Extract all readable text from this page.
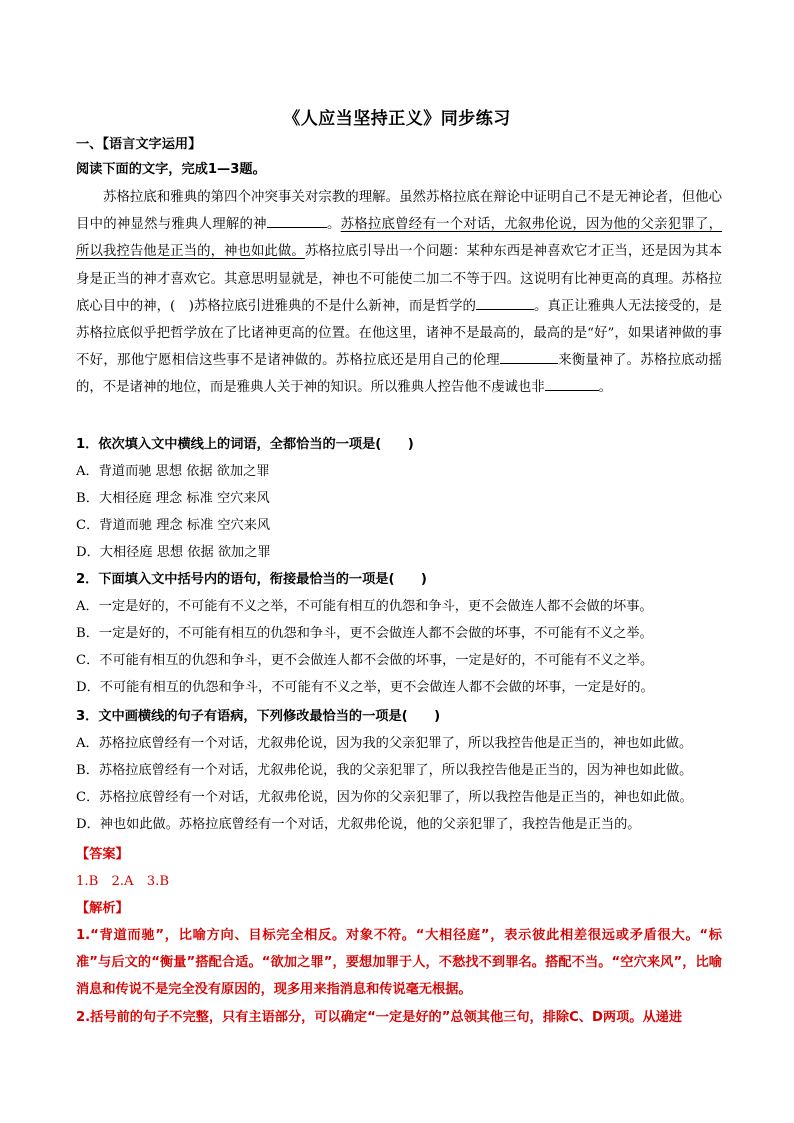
《人应当坚持正义》同步练习
一、【语言文字运用】
阅读下面的文字，完成1—3题。
苏格拉底和雅典的第四个冲突事关对宗教的理解。虽然苏格拉底在辩论中证明自己不是无神论者，但他心目中的神显然与雅典人理解的神	。苏格拉底曾经有一个对话，尤叙弗伦说，因为他的父亲犯罪了，所以我控告他是正当的，神也如此做。苏格拉底引导出一个问题：某种东西是神喜欢它才正当，还是因为其本身是正当的神才喜欢它。其意思明显就是，神也不可能使二加二不等于四。这说明有比神更高的真理。苏格拉底心目中的神，(　)苏格拉底引进雅典的不是什么新神，而是哲学的	。真正让雅典人无法接受的，是苏格拉底似乎把哲学放在了比诸神更高的位置。在他这里，诸神不是最高的，最高的是“好”，如果诸神做的事不好，那他宁愿相信这些事不是诸神做的。苏格拉底还是用自己的伦理	来衡量神了。苏格拉底动摇的，不是诸神的地位，而是雅典人关于神的知识。所以雅典人控告他不虔诚也非	。
1．依次填入文中横线上的词语，全都恰当的一项是(　　)
A．背道而驰 思想 依据 欲加之罪
B．大相径庭 理念 标准 空穴来风
C．背道而驰 理念 标准 空穴来风
D．大相径庭 思想 依据 欲加之罪
2．下面填入文中括号内的语句，衔接最恰当的一项是(　　)
A．一定是好的，不可能有不义之举，不可能有相互的仇怨和争斗，更不会做连人都不会做的坏事。
B．一定是好的，不可能有相互的仇怨和争斗，更不会做连人都不会做的坏事，不可能有不义之举。
C．不可能有相互的仇怨和争斗，更不会做连人都不会做的坏事，一定是好的，不可能有不义之举。
D．不可能有相互的仇怨和争斗，不可能有不义之举，更不会做连人都不会做的坏事，一定是好的。
3．文中画横线的句子有语病，下列修改最恰当的一项是(　　)
A．苏格拉底曾经有一个对话，尤叙弗伦说，因为我的父亲犯罪了，所以我控告他是正当的，神也如此做。
B．苏格拉底曾经有一个对话，尤叙弗伦说，我的父亲犯罪了，所以我控告他是正当的，因为神也如此做。
C．苏格拉底曾经有一个对话，尤叙弗伦说，因为你的父亲犯罪了，所以我控告他是正当的，神也如此做。
D．神也如此做。苏格拉底曾经有一个对话，尤叙弗伦说，他的父亲犯罪了，我控告他是正当的。
【答案】
1.B　2.A　3.B
【解析】
1.“背道而驰”，比喻方向、目标完全相反。对象不符。“大相径庭”，表示彼此相差很远或矛盾很大。“标准”与后文的“衡量”搭配合适。“欲加之罪”，要想加罪于人，不愁找不到罪名。搭配不当。“空穴来风”，比喻消息和传说不是完全没有原因的，现多用来指消息和传说毫无根据。
2.括号前的句子不完整，只有主语部分，可以确定“一定是好的”总领其他三句，排除C、D两项。从递进
